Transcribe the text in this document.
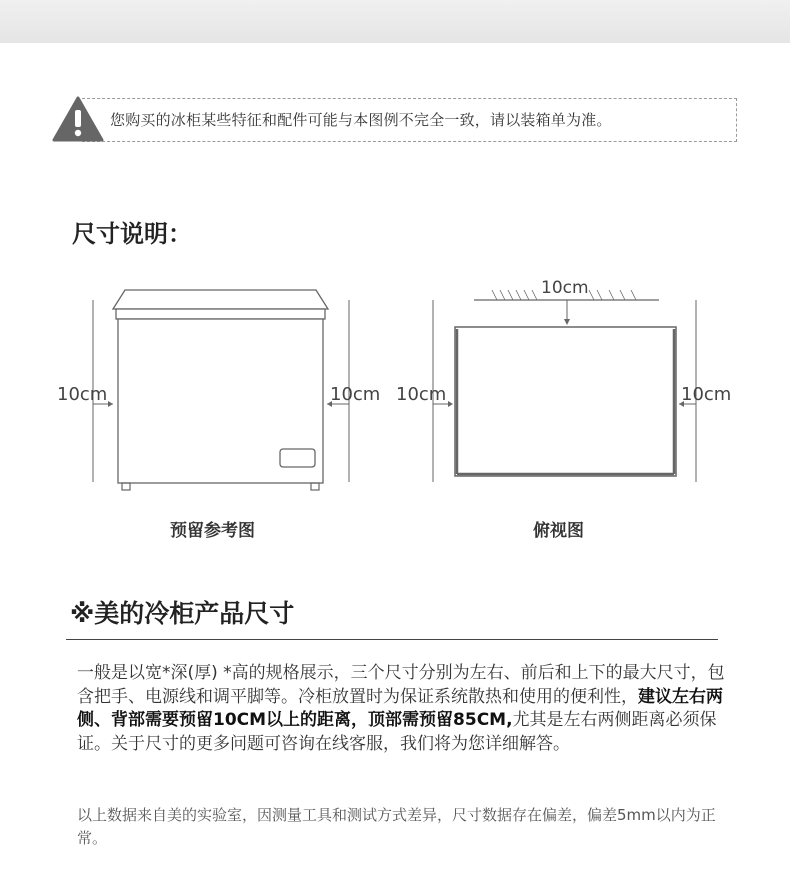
您购买的冰柜某些特征和配件可能与本图例不完全一致，请以装箱单为准。
尺寸说明：
10cm	10cm
10cm
10cm	10cm
预留参考图	俯视图
※美的冷柜产品尺寸
一般是以宽*深(厚) *高的规格展示，三个尺寸分别为左右、前后和上下的最大尺寸，包含把手、电源线和调平脚等。冷柜放置时为保证系统散热和使用的便利性，建议左右两侧、背部需要预留10CM以上的距离，顶部需预留85CM,尤其是左右两侧距离必须保证。关于尺寸的更多问题可咨询在线客服，我们将为您详细解答。
以上数据来自美的实验室，因测量工具和测试方式差异，尺寸数据存在偏差，偏差5mm以内为正常。
